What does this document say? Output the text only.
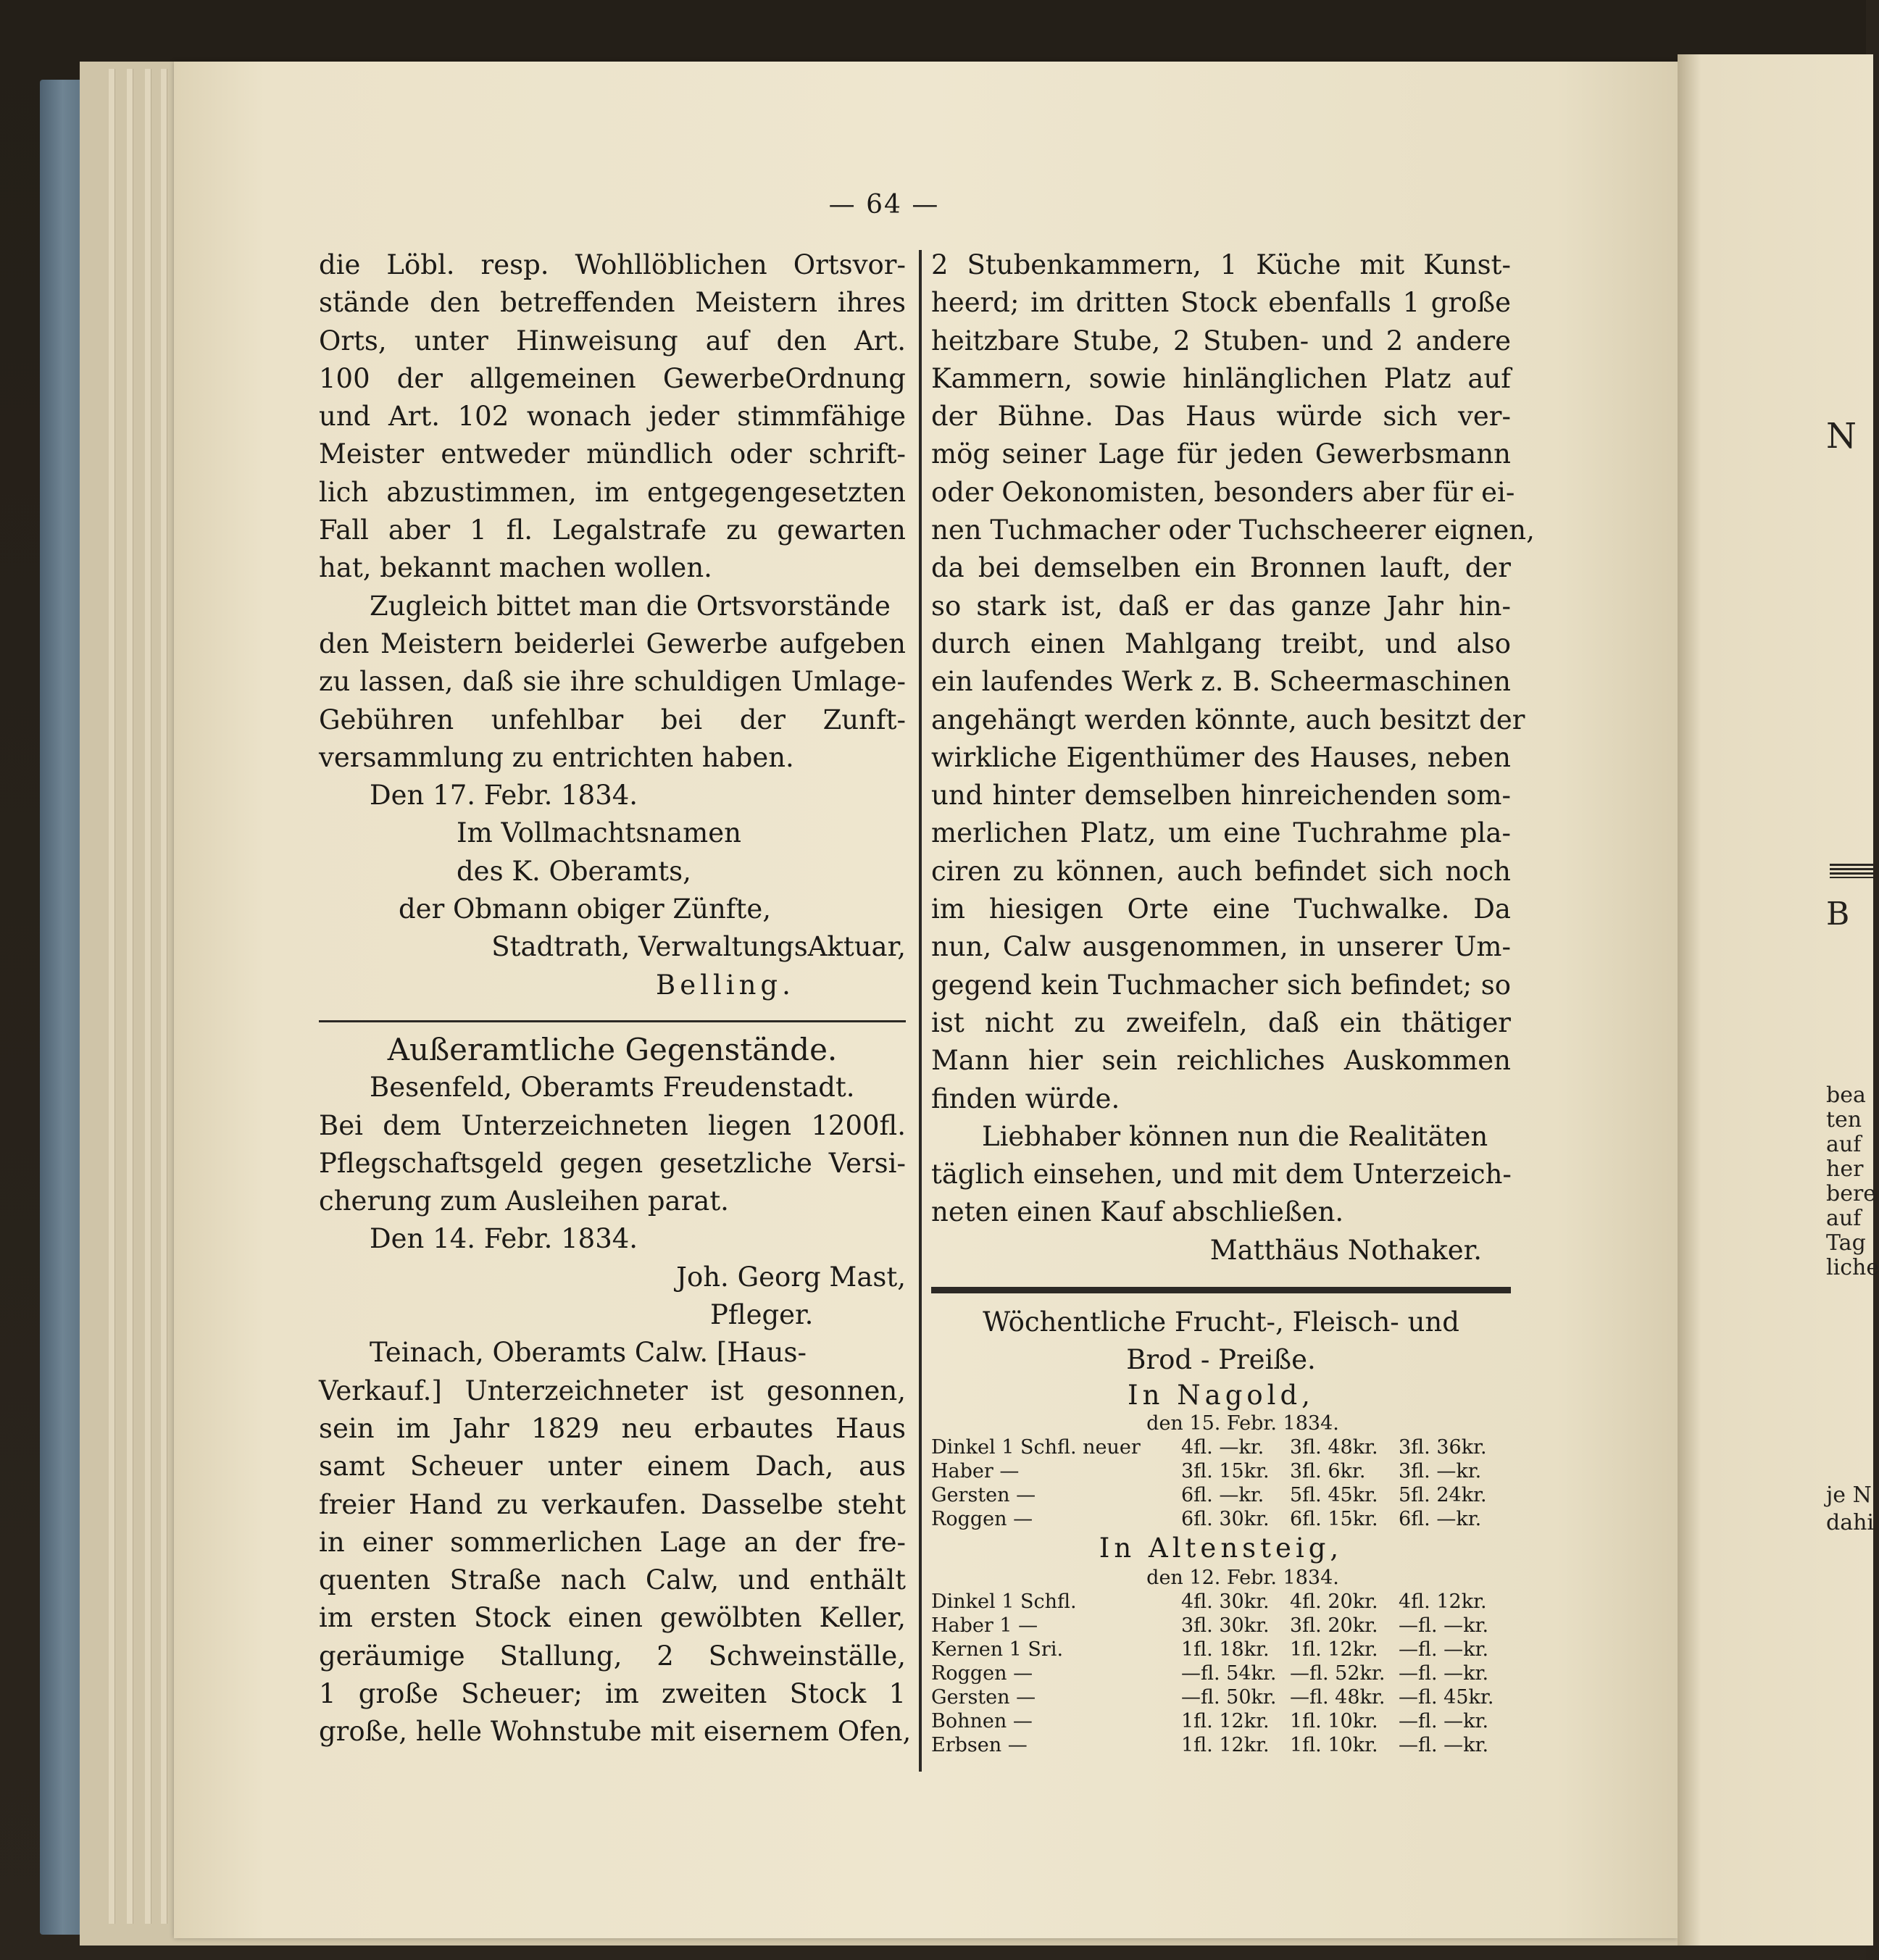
— 64 —
die Löbl. resp. Wohllöblichen Ortsvor-
stände den betreffenden Meistern ihres
Orts, unter Hinweisung auf den Art.
100 der allgemeinen GewerbeOrdnung
und Art. 102 wonach jeder stimmfähige
Meister entweder mündlich oder schrift-
lich abzustimmen, im entgegengesetzten
Fall aber 1 fl. Legalstrafe zu gewarten
hat, bekannt machen wollen.
Zugleich bittet man die Ortsvorstände
den Meistern beiderlei Gewerbe aufgeben
zu lassen, daß sie ihre schuldigen Umlage-
Gebühren unfehlbar bei der Zunft-
versammlung zu entrichten haben.
Den 17. Febr. 1834.
Im Vollmachtsnamen
des K. Oberamts,
der Obmann obiger Zünfte,
Stadtrath, VerwaltungsAktuar,
Belling.
Außeramtliche Gegenstände.
Besenfeld, Oberamts Freudenstadt.
Bei dem Unterzeichneten liegen 1200fl.
Pflegschaftsgeld gegen gesetzliche Versi-
cherung zum Ausleihen parat.
Den 14. Febr. 1834.
Joh. Georg Mast,
Pfleger.
Teinach, Oberamts Calw. [Haus-
Verkauf.] Unterzeichneter ist gesonnen,
sein im Jahr 1829 neu erbautes Haus
samt Scheuer unter einem Dach, aus
freier Hand zu verkaufen. Dasselbe steht
in einer sommerlichen Lage an der fre-
quenten Straße nach Calw, und enthält
im ersten Stock einen gewölbten Keller,
geräumige Stallung, 2 Schweinställe,
1 große Scheuer; im zweiten Stock 1
große, helle Wohnstube mit eisernem Ofen,
2 Stubenkammern, 1 Küche mit Kunst-
heerd; im dritten Stock ebenfalls 1 große
heitzbare Stube, 2 Stuben- und 2 andere
Kammern, sowie hinlänglichen Platz auf
der Bühne. Das Haus würde sich ver-
mög seiner Lage für jeden Gewerbsmann
oder Oekonomisten, besonders aber für ei-
nen Tuchmacher oder Tuchscheerer eignen,
da bei demselben ein Bronnen lauft, der
so stark ist, daß er das ganze Jahr hin-
durch einen Mahlgang treibt, und also
ein laufendes Werk z. B. Scheermaschinen
angehängt werden könnte, auch besitzt der
wirkliche Eigenthümer des Hauses, neben
und hinter demselben hinreichenden som-
merlichen Platz, um eine Tuchrahme pla-
ciren zu können, auch befindet sich noch
im hiesigen Orte eine Tuchwalke. Da
nun, Calw ausgenommen, in unserer Um-
gegend kein Tuchmacher sich befindet; so
ist nicht zu zweifeln, daß ein thätiger
Mann hier sein reichliches Auskommen
finden würde.
Liebhaber können nun die Realitäten
täglich einsehen, und mit dem Unterzeich-
neten einen Kauf abschließen.
Matthäus Nothaker.
Wöchentliche Frucht-, Fleisch- und
Brod - Preiße.
In Nagold,
den 15. Febr. 1834.
Dinkel 1 Schfl. neuer	4fl. —kr.	3fl. 48kr.	3fl. 36kr.
Haber —	3fl. 15kr.	3fl. 6kr.	3fl. —kr.
Gersten —	6fl. —kr.	5fl. 45kr.	5fl. 24kr.
Roggen —	6fl. 30kr.	6fl. 15kr.	6fl. —kr.
In Altensteig,
den 12. Febr. 1834.
Dinkel 1 Schfl.	4fl. 30kr.	4fl. 20kr.	4fl. 12kr.
Haber 1 —	3fl. 30kr.	3fl. 20kr.	—fl. —kr.
Kernen 1 Sri.	1fl. 18kr.	1fl. 12kr.	—fl. —kr.
Roggen —	—fl. 54kr. —fl. 52kr. —fl. —kr.
Gersten —	—fl. 50kr. —fl. 48kr. —fl. 45kr.
Bohnen —	1fl. 12kr.	1fl. 10kr.	—fl. —kr.
Erbsen —	1fl. 12kr.	1fl. 10kr.	—fl. —kr.
N
B
bea
ten
auf
her
bere
auf
Tag
liche
je N
dahi
